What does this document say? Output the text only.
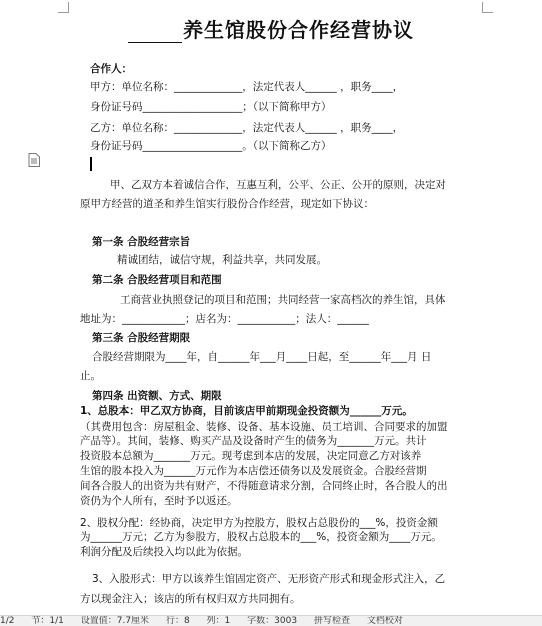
养生馆股份合作经营协议
合作人：
甲方：单位名称：_____________，法定代表人______ ，职务____，
身份证号码___________________；（以下简称甲方）
乙方：单位名称：_____________，法定代表人______ ，职务____，
身份证号码___________________。（以下简称乙方）
甲、乙双方本着诚信合作，互惠互利，公平、公正、公开的原则，决定对
原甲方经营的道圣和养生馆实行股份合作经营，现定如下协议：
第一条 合股经营宗旨
精诚团结，诚信守规，利益共享，共同发展。
第二条 合股经营项目和范围
工商营业执照登记的项目和范围；共同经营一家高档次的养生馆，具体
地址为：____________；店名为：___________；法人：______
第三条 合股经营期限
合股经营期限为____年，自______年___月____日起，至______年___月 日
止。
第四条 出资额、方式、期限
1、总股本：甲乙双方协商，目前该店甲前期现金投资额为______万元。
（其费用包含：房屋租金、装修、设备、基本设施、员工培训、合同要求的加盟
产品等）。其间，装修、购买产品及设备时产生的债务为_______万元。共计
投资股本总额为_______万元。现考虑到本店的发展，决定同意乙方对该养
生馆的股本投入为______万元作为本店偿还债务以及发展资金。合股经营期
间各合股人的出资为共有财产，不得随意请求分割，合同终止时，各合股人的出
资仍为个人所有，至时予以返还。
2、股权分配：经协商，决定甲方为控股方，股权占总股份的___%，投资金额
为______万元；乙方为参股方，股权占总股本的___%，投资金额为____万元。
利润分配及后续投入均以此为依据。
3、入股形式：甲方以该养生馆固定资产、无形资产形式和现金形式注入，乙
方以现金注入；该店的所有权归双方共同拥有。
1/2 节：1/1 设置值：7.7厘米 行：8 列：1 字数：3003 拼写检查 文档校对
